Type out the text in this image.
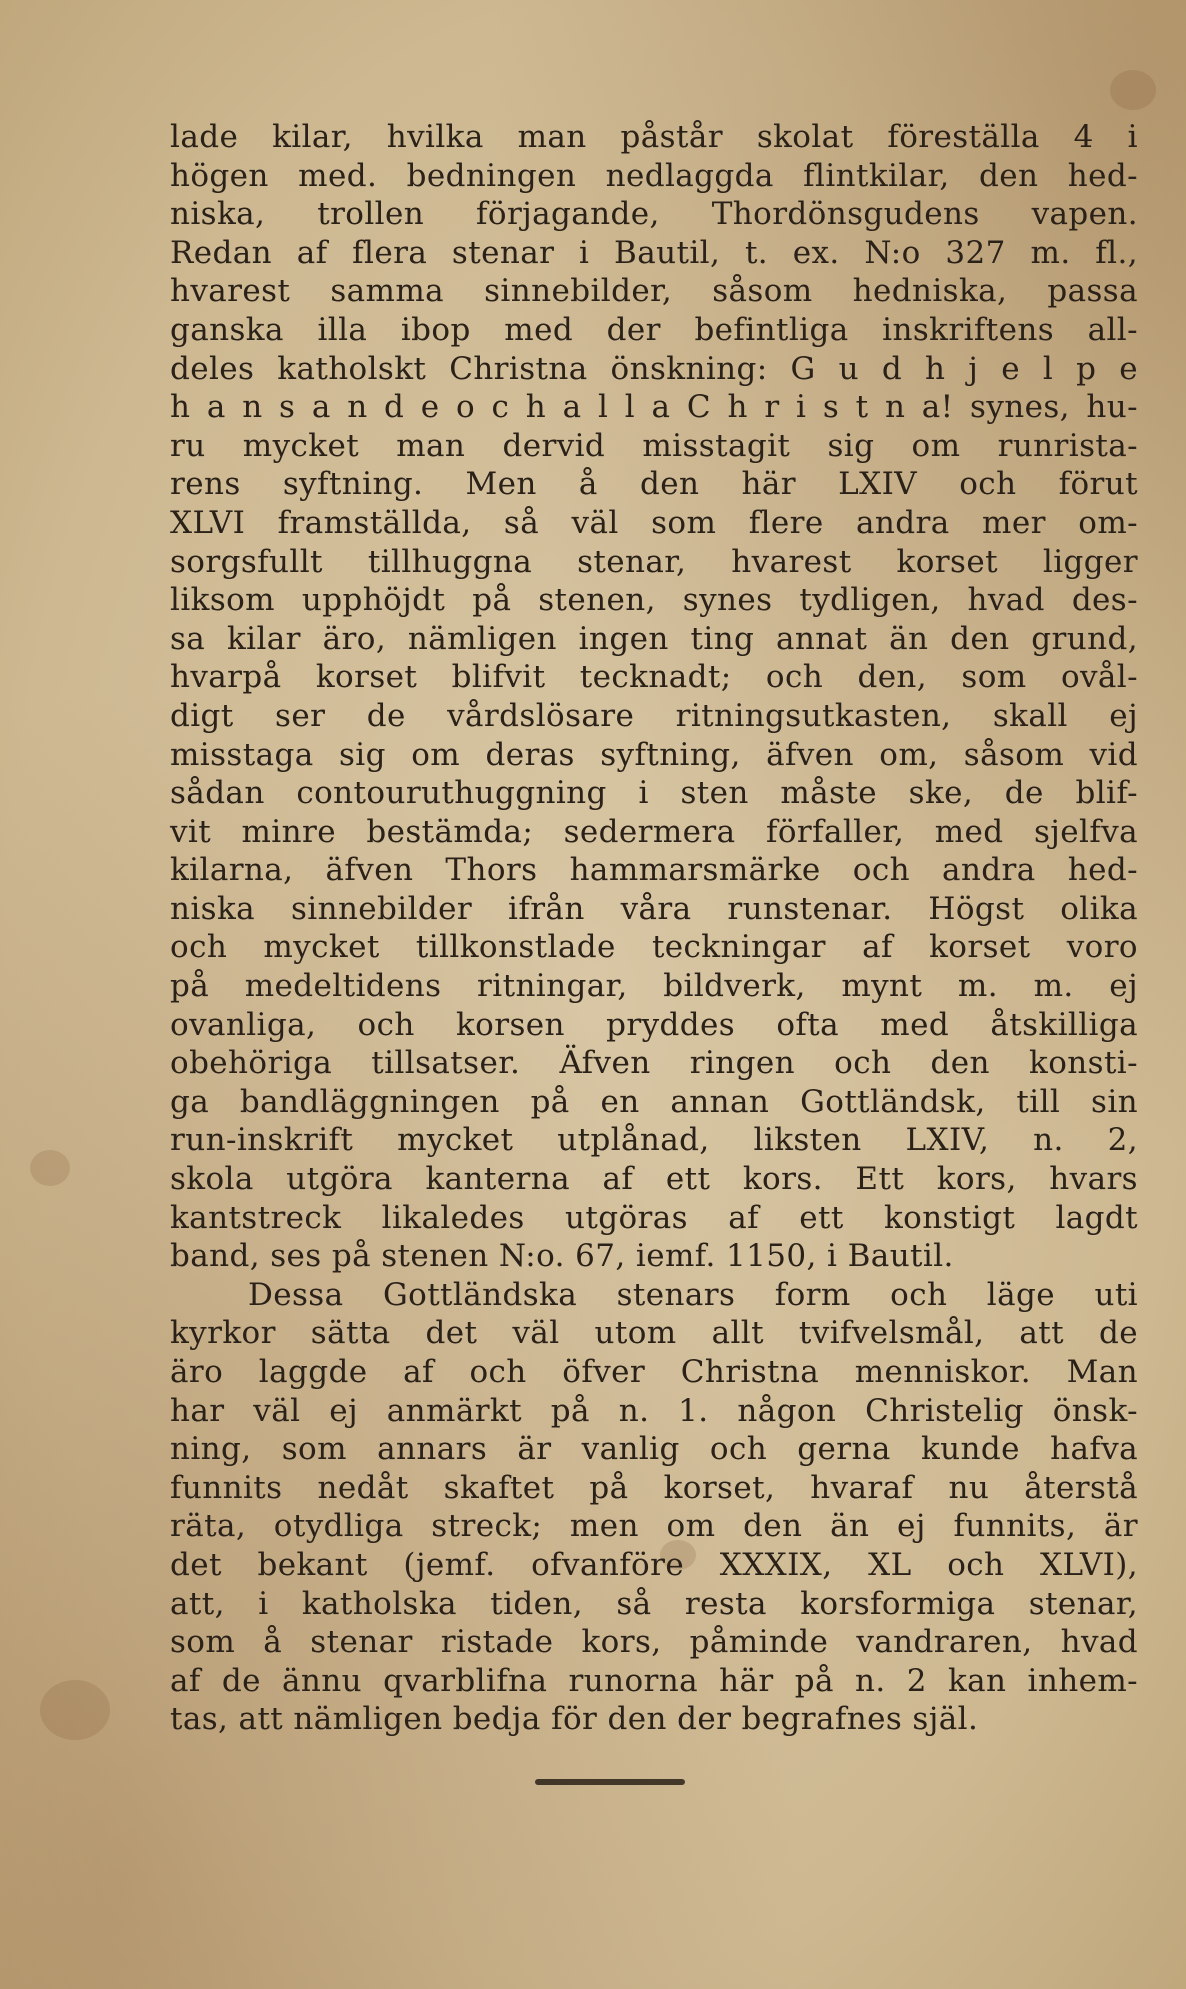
lade kilar, hvilka man påstår skolat föreställa 4 i
högen med. bedningen nedlaggda flintkilar, den hed-
niska, trollen förjagande, Thordönsgudens vapen.
Redan af flera stenar i Bautil, t. ex. N:o 327 m. fl.,
hvarest samma sinnebilder, såsom hedniska, passa
ganska illa ibop med der befintliga inskriftens all-
deles katholskt Christna önskning: G u d h j e l p e
h a n s a n d e o c h a l l a C h r i s t n a! synes, hu-
ru mycket man dervid misstagit sig om runrista-
rens syftning. Men å den här LXIV och förut
XLVI framställda, så väl som flere andra mer om-
sorgsfullt tillhuggna stenar, hvarest korset ligger
liksom upphöjdt på stenen, synes tydligen, hvad des-
sa kilar äro, nämligen ingen ting annat än den grund,
hvarpå korset blifvit tecknadt; och den, som ovål-
digt ser de vårdslösare ritningsutkasten, skall ej
misstaga sig om deras syftning, äfven om, såsom vid
sådan contouruthuggning i sten måste ske, de blif-
vit minre bestämda; sedermera förfaller, med sjelfva
kilarna, äfven Thors hammarsmärke och andra hed-
niska sinnebilder ifrån våra runstenar. Högst olika
och mycket tillkonstlade teckningar af korset voro
på medeltidens ritningar, bildverk, mynt m. m. ej
ovanliga, och korsen pryddes ofta med åtskilliga
obehöriga tillsatser. Äfven ringen och den konsti-
ga bandläggningen på en annan Gottländsk, till sin
run-inskrift mycket utplånad, liksten LXIV, n. 2,
skola utgöra kanterna af ett kors. Ett kors, hvars
kantstreck likaledes utgöras af ett konstigt lagdt
band, ses på stenen N:o. 67, iemf. 1150, i Bautil.
Dessa Gottländska stenars form och läge uti
kyrkor sätta det väl utom allt tvifvelsmål, att de
äro laggde af och öfver Christna menniskor. Man
har väl ej anmärkt på n. 1. någon Christelig önsk-
ning, som annars är vanlig och gerna kunde hafva
funnits nedåt skaftet på korset, hvaraf nu återstå
räta, otydliga streck; men om den än ej funnits, är
det bekant (jemf. ofvanföre XXXIX, XL och XLVI),
att, i katholska tiden, så resta korsformiga stenar,
som å stenar ristade kors, påminde vandraren, hvad
af de ännu qvarblifna runorna här på n. 2 kan inhem-
tas, att nämligen bedja för den der begrafnes själ.
